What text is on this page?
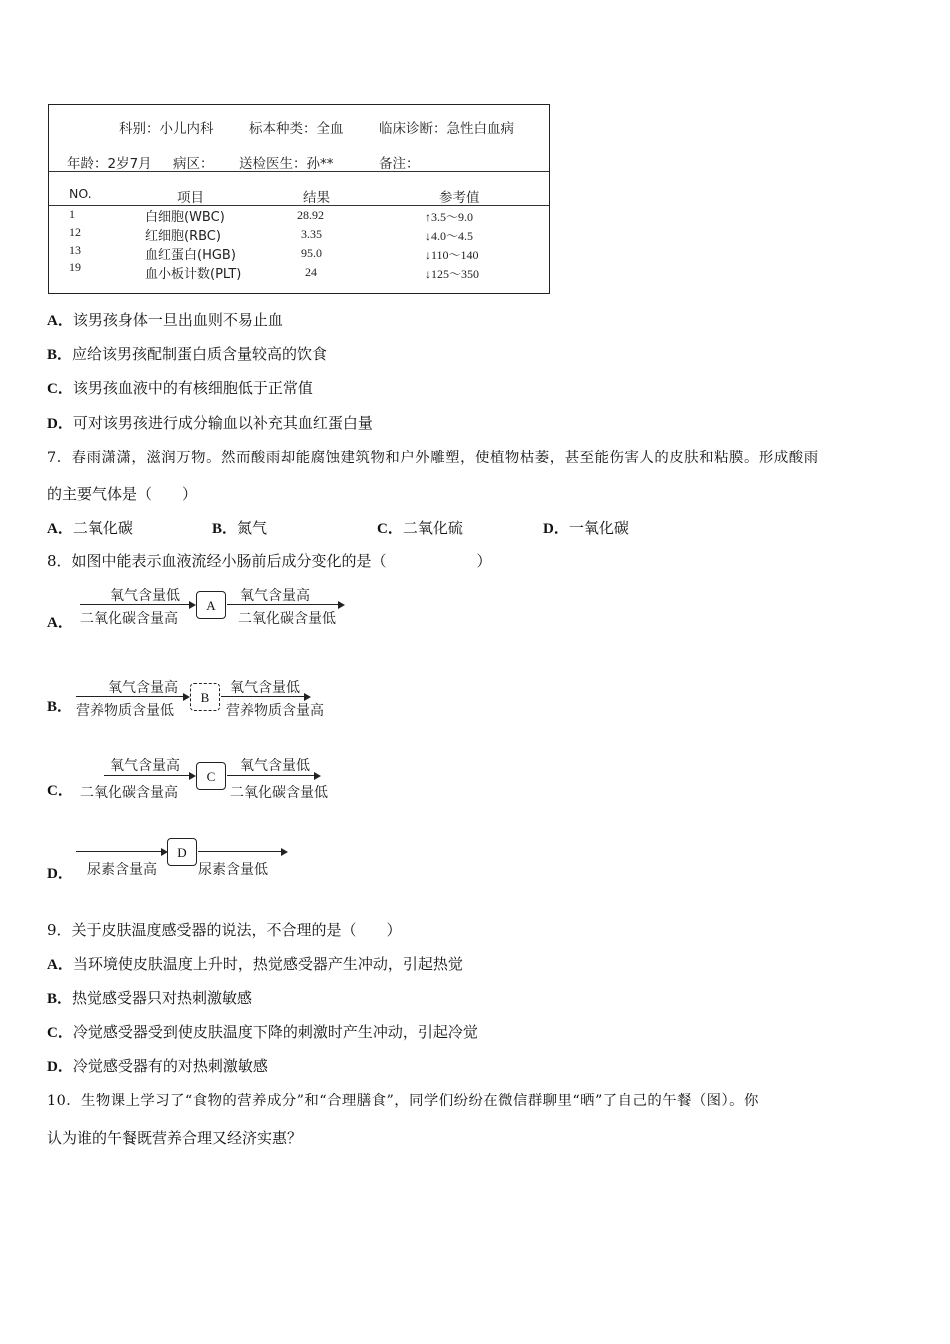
科别：小儿内科	标本种类：全血	临床诊断：急性白血病
年龄：2岁7月 病区： 送检医生：孙**	备注：
NO.	项目	结果	参考值
1	白细胞(WBC)	28.92	↑3.5～9.0
12	红细胞(RBC)	3.35	↓4.0～4.5
13	血红蛋白(HGB)	95.0	↓110～140
19	血小板计数(PLT)	24	↓125～350
A．该男孩身体一旦出血则不易止血
B．应给该男孩配制蛋白质含量较高的饮食
C．该男孩血液中的有核细胞低于正常值
D．可对该男孩进行成分输血以补充其血红蛋白量
7．春雨潇潇，滋润万物。然而酸雨却能腐蚀建筑物和户外雕塑，使植物枯萎，甚至能伤害人的皮肤和粘膜。形成酸雨
的主要气体是（　　）
A．二氧化碳	B．氮气	C．二氧化硫	D．一氧化碳
8．如图中能表示血液流经小肠前后成分变化的是（　　　　　　）
A．
氧气含量低
二氧化碳含量高
A
氧气含量高
二氧化碳含量低
B．
氧气含量高
营养物质含量低
B
氧气含量低
营养物质含量高
C．
氧气含量高
二氧化碳含量高
C
氧气含量低
二氧化碳含量低
D．
D
尿素含量高	尿素含量低
9．关于皮肤温度感受器的说法，不合理的是（　　）
A．当环境使皮肤温度上升时，热觉感受器产生冲动，引起热觉
B．热觉感受器只对热刺激敏感
C．冷觉感受器受到使皮肤温度下降的刺激时产生冲动，引起冷觉
D．冷觉感受器有的对热刺激敏感
10．生物课上学习了“食物的营养成分”和“合理膳食”，同学们纷纷在微信群聊里“晒”了自己的午餐（图）。你
认为谁的午餐既营养合理又经济实惠？
